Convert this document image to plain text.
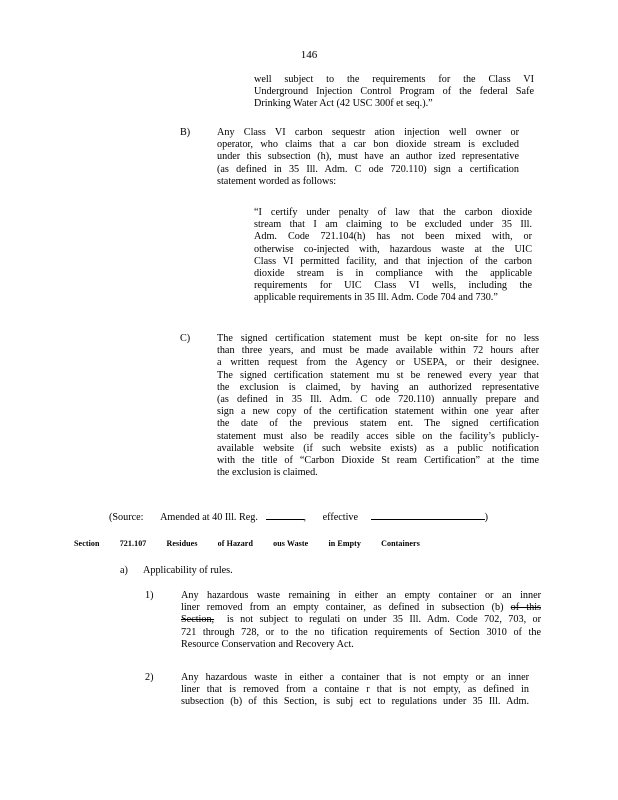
146
well subject to the requirements for the Class VI
Underground Injection Control Program of the federal Safe
Drinking Water Act (42 USC 300f et seq.).”
B)	Any Class VI carbon sequestr ation injection well owner or
operator, who claims that a car bon dioxide stream is excluded
under this subsection (h), must have an author ized representative
(as defined in 35 Ill. Adm. C ode 720.110) sign a certification
statement worded as follows:
“I certify under penalty of law that the carbon dioxide
stream that I am claiming to be excluded under 35 Ill.
Adm. Code 721.104(h) has not been mixed with, or
otherwise co-injected with, hazardous waste at the UIC
Class VI permitted facility, and that injection of the carbon
dioxide stream is in compliance with the applicable
requirements for UIC Class VI wells, including the
applicable requirements in 35 Ill. Adm. Code 704 and 730.”
C)	The signed certification statement must be kept on-site for no less
than three years, and must be made available within 72 hours after
a written request from the Agency or USEPA, or their designee.
The signed certification statement mu st be renewed every year that
the exclusion is claimed, by having an authorized representative
(as defined in 35 Ill. Adm. C ode 720.110) annually prepare and
sign a new copy of the certification statement within one year after
the date of the previous statem ent. The signed certification
statement must also be readily acces sible on the facility’s publicly-
available website (if such website exists) as a public notification
with the title of “Carbon Dioxide St ream Certification” at the time
the exclusion is claimed.
(Source: Amended at 40 Ill. Reg.	, effective	)
Section	721.107	Residues	of Hazard	ous Waste	in Empty	Containers
a) Applicability of rules.
1)	Any hazardous waste remaining in either an empty container or an inner
liner removed from an empty container, as defined in subsection (b) of this
Section, is not subject to regulati on under 35 Ill. Adm. Code 702, 703, or
721 through 728, or to the no tification requirements of Section 3010 of the
Resource Conservation and Recovery Act.
2)	Any hazardous waste in either a container that is not empty or an inner
liner that is removed from a containe r that is not empty, as defined in
subsection (b) of this Section, is subj ect to regulations under 35 Ill. Adm.
